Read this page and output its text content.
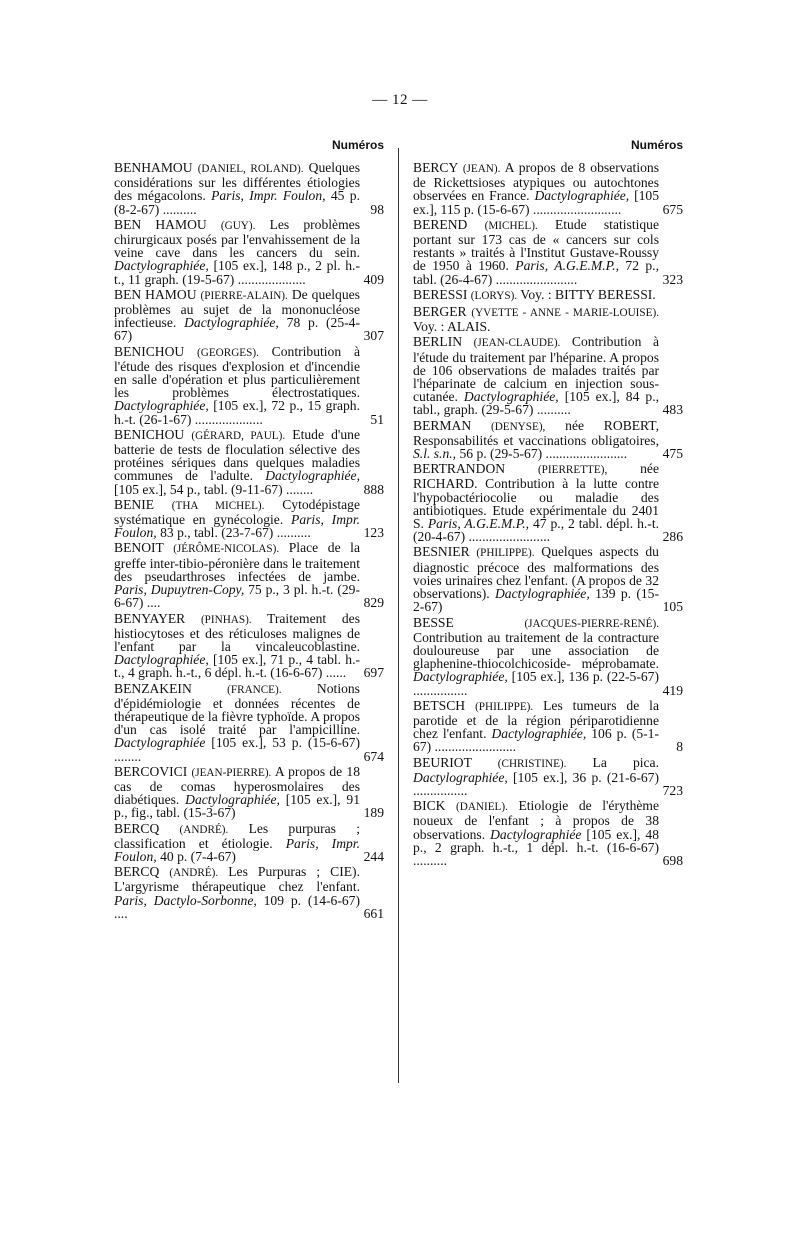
— 12 —
Numéros
BENHAMOU (DANIEL, ROLAND). Quelques considérations sur les différentes étiologies des mégacolons. Paris, Impr. Foulon, 45 p. (8-2-67) ..........	98
BEN HAMOU (GUY). Les problèmes chirurgicaux posés par l'envahissement de la veine cave dans les cancers du sein. Dactylographiée, [105 ex.], 148 p., 2 pl. h.-t., 11 graph. (19-5-67) ....................	409
BEN HAMOU (PIERRE-ALAIN). De quelques problèmes au sujet de la mononucléose infectieuse. Dactylographiée, 78 p. (25-4-67)	307
BENICHOU (GEORGES). Contribution à l'étude des risques d'explosion et d'incendie en salle d'opération et plus particulièrement les problèmes électrostatiques. Dactylographiée, [105 ex.], 72 p., 15 graph. h.-t. (26-1-67) ....................	51
BENICHOU (GÉRARD, PAUL). Etude d'une batterie de tests de floculation sélective des protéines sériques dans quelques maladies communes de l'adulte. Dactylographiée, [105 ex.], 54 p., tabl. (9-11-67) ........	888
BENIE (THA MICHEL). Cytodépistage systématique en gynécologie. Paris, Impr. Foulon, 83 p., tabl. (23-7-67) ..........	123
BENOIT (JÉRÔME-NICOLAS). Place de la greffe inter-tibio-péronière dans le traitement des pseudarthroses infectées de jambe. Paris, Dupuytren-Copy, 75 p., 3 pl. h.-t. (29-6-67) ....	829
BENYAYER (PINHAS). Traitement des histiocytoses et des réticuloses malignes de l'enfant par la vincaleucoblastine. Dactylographiée, [105 ex.], 71 p., 4 tabl. h.-t., 4 graph. h.-t., 6 dépl. h.-t. (16-6-67) ......	697
BENZAKEIN	(FRANCE).	Notions d'épidémiologie et données récentes de thérapeutique de la fièvre typhoïde. A propos d'un cas isolé traité par l'ampicilline. Dactylographiée [105 ex.], 53 p. (15-6-67) ........	674
BERCOVICI (JEAN-PIERRE). A propos de 18 cas de comas hyperosmolaires des diabétiques. Dactylographiée, [105 ex.], 91 p., fig., tabl. (15-3-67)	189
BERCQ (ANDRÉ). Les purpuras ; classification et étiologie. Paris, Impr. Foulon, 40 p. (7-4-67)	244
BERCQ (ANDRÉ). Les Purpuras ; CIE). L'argyrisme thérapeutique chez l'enfant. Paris, Dactylo-Sorbonne, 109 p. (14-6-67) ....	661
Numéros
BERCY (JEAN). A propos de 8 observations de Rickettsioses atypiques ou autochtones observées en France. Dactylographiée, [105 ex.], 115 p. (15-6-67) ..........................	675
BEREND (MICHEL). Etude statistique portant sur 173 cas de « cancers sur cols restants » traités à l'Institut Gustave-Roussy de 1950 à 1960. Paris, A.G.E.M.P., 72 p., tabl. (26-4-67) ........................	323
BERESSI (LORYS). Voy. : BITTY BERESSI.
BERGER (YVETTE - ANNE - MARIE-LOUISE). Voy. : ALAIS.
BERLIN (JEAN-CLAUDE). Contribution à l'étude du traitement par l'héparine. A propos de 106 observations de malades traités par l'héparinate de calcium en injection sous-cutanée. Dactylographiée, [105 ex.], 84 p., tabl., graph. (29-5-67) ..........	483
BERMAN (DENYSE), née ROBERT, Responsabilités et vaccinations obligatoires, S.l. s.n., 56 p. (29-5-67) ........................	475
BERTRANDON	(PIERRETTE), née RICHARD. Contribution à la lutte contre l'hypobactériocolie ou maladie des antibiotiques. Etude expérimentale du 2401 S. Paris, A.G.E.M.P., 47 p., 2 tabl. dépl. h.-t. (20-4-67) ........................	286
BESNIER (PHILIPPE). Quelques aspects du diagnostic précoce des malformations des voies urinaires chez l'enfant. (A propos de 32 observations). Dactylographiée, 139 p. (15-2-67)	105
BESSE	(JACQUES-PIERRE-RENÉ). Contribution au traitement de la contracture douloureuse par une association de glaphenine-thiocolchicoside- méprobamate. Dactylographiée, [105 ex.], 136 p. (22-5-67) ................	419
BETSCH (PHILIPPE). Les tumeurs de la parotide et de la région périparotidienne chez l'enfant. Dactylographiée, 106 p. (5-1-67) ........................	8
BEURIOT (CHRISTINE). La pica. Dactylographiée, [105 ex.], 36 p. (21-6-67) ................	723
BICK (DANIEL). Etiologie de l'érythème noueux de l'enfant ; à propos de 38 observations. Dactylographiée [105 ex.], 48 p., 2 graph. h.-t., 1 dépl. h.-t. (16-6-67) ..........	698
